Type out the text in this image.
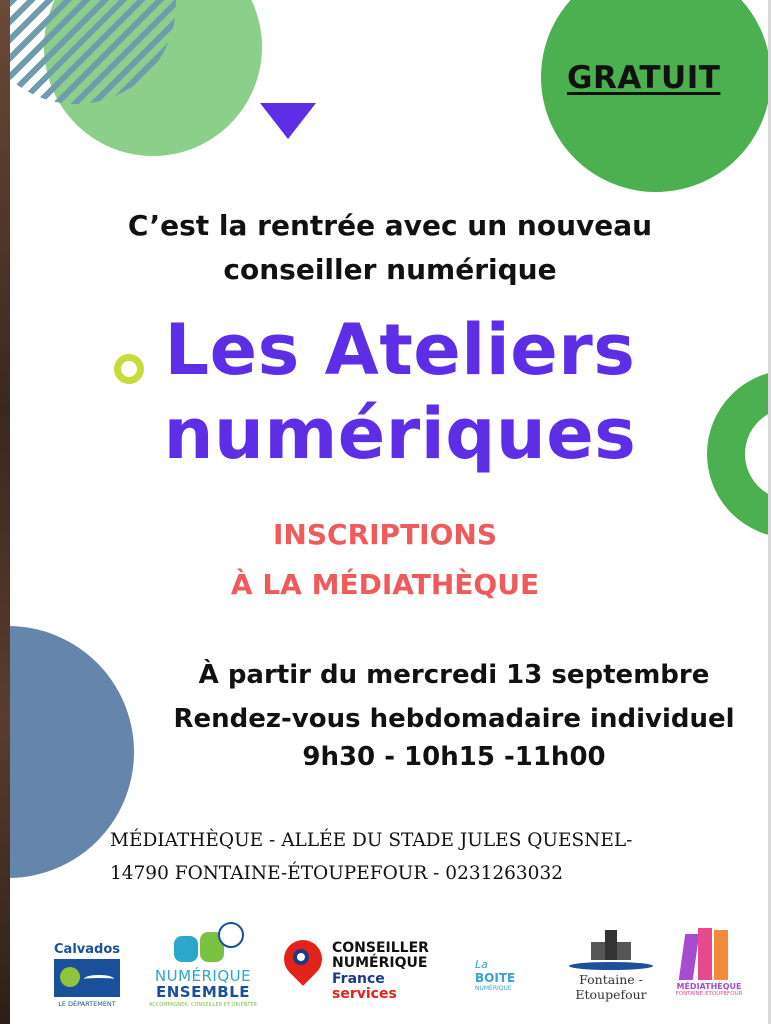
GRATUIT
C’est la rentrée avec un nouveau
conseiller numérique
Les Ateliers
numériques
INSCRIPTIONS
À LA MÉDIATHÈQUE
À partir du mercredi 13 septembre
Rendez-vous hebdomadaire individuel
9h30 - 10h15 -11h00
MÉDIATHÈQUE - ALLÉE DU STADE JULES QUESNEL-
14790 FONTAINE-ÉTOUPEFOUR - 0231263032
Calvados
LE DÉPARTEMENT
NUMÉRIQUE
ENSEMBLE
ACCOMPAGNER, CONSEILLER ET ORIENTER
CONSEILLER
NUMÉRIQUE
France
services
La
BOITE
NUMÉRIQUE
Fontaine -
Etoupefour
MÉDIATHÈQUE
FONTAINE-ÉTOUPEFOUR
